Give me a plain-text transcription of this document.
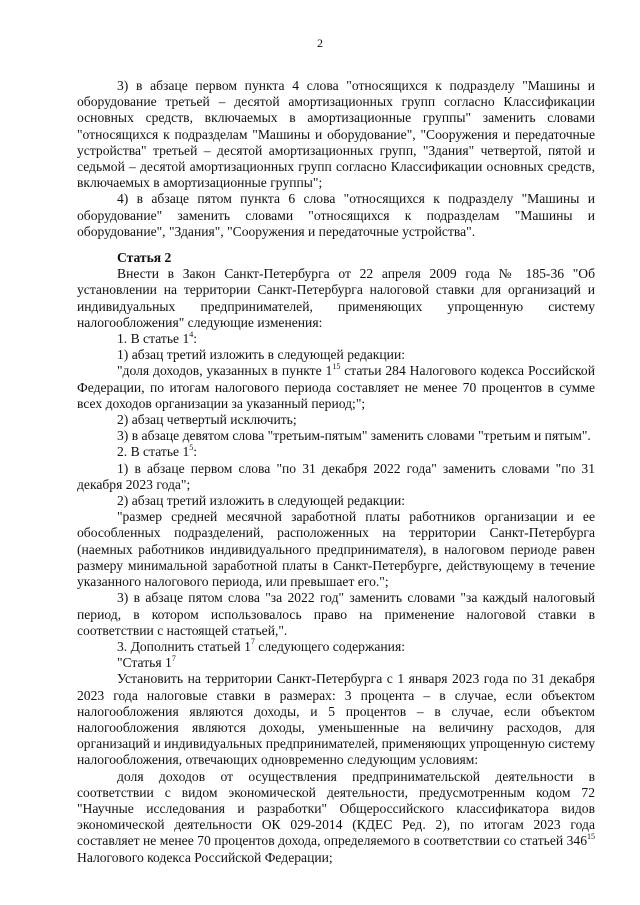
2

3) в абзаце первом пункта 4 слова "относящихся к подразделу "Машины и оборудование третьей – десятой амортизационных групп согласно Классификации основных средств, включаемых в амортизационные группы" заменить словами "относящихся к подразделам "Машины и оборудование", "Сооружения и передаточные устройства" третьей – десятой амортизационных групп, "Здания" четвертой, пятой и седьмой – десятой амортизационных групп согласно Классификации основных средств, включаемых в амортизационные группы";

4) в абзаце пятом пункта 6 слова "относящихся к подразделу "Машины и оборудование" заменить словами "относящихся к подразделам "Машины и оборудование", "Здания", "Сооружения и передаточные устройства".

Статья 2

Внести в Закон Санкт-Петербурга от 22 апреля 2009 года № 185-36 "Об установлении на территории Санкт-Петербурга налоговой ставки для организаций и индивидуальных предпринимателей, применяющих упрощенную систему налогообложения" следующие изменения:

1. В статье $1^4$:

1) абзац третий изложить в следующей редакции:

"доля доходов, указанных в пункте $1^{15}$ статьи 284 Налогового кодекса Российской Федерации, по итогам налогового периода составляет не менее 70 процентов в сумме всех доходов организации за указанный период;";

2) абзац четвертый исключить;

3) в абзаце девятом слова "третьим-пятым" заменить словами "третьим и пятым".

2. В статье $1^5$:

1) в абзаце первом слова "по 31 декабря 2022 года" заменить словами "по 31 декабря 2023 года";

2) абзац третий изложить в следующей редакции:

"размер средней месячной заработной платы работников организации и ее обособленных подразделений, расположенных на территории Санкт-Петербурга (наемных работников индивидуального предпринимателя), в налоговом периоде равен размеру минимальной заработной платы в Санкт-Петербурге, действующему в течение указанного налогового периода, или превышает его.";

3) в абзаце пятом слова "за 2022 год" заменить словами "за каждый налоговый период, в котором использовалось право на применение налоговой ставки в соответствии с настоящей статьей,".

3. Дополнить статьей $1^7$ следующего содержания:

"Статья $1^7$

Установить на территории Санкт-Петербурга с 1 января 2023 года по 31 декабря 2023 года налоговые ставки в размерах: 3 процента – в случае, если объектом налогообложения являются доходы, и 5 процентов – в случае, если объектом налогообложения являются доходы, уменьшенные на величину расходов, для организаций и индивидуальных предпринимателей, применяющих упрощенную систему налогообложения, отвечающих одновременно следующим условиям:

доля доходов от осуществления предпринимательской деятельности в соответствии с видом экономической деятельности, предусмотренным кодом 72 "Научные исследования и разработки" Общероссийского классификатора видов экономической деятельности ОК 029-2014 (КДЕС Ред. 2), по итогам 2023 года составляет не менее 70 процентов дохода, определяемого в соответствии со статьей $346^{15}$ Налогового кодекса Российской Федерации;
